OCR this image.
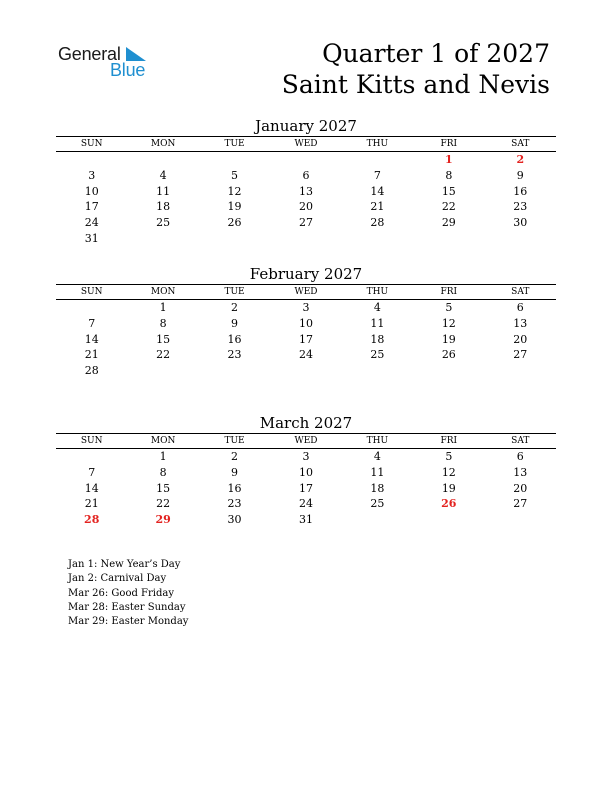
General
Blue
Quarter 1 of 2027
Saint Kitts and Nevis
January 2027
SUN	MON	TUE	WED	THU	FRI	SAT
					1	2
3	4	5	6	7	8	9
10	11	12	13	14	15	16
17	18	19	20	21	22	23
24	25	26	27	28	29	30
31						
February 2027
SUN	MON	TUE	WED	THU	FRI	SAT
	1	2	3	4	5	6
7	8	9	10	11	12	13
14	15	16	17	18	19	20
21	22	23	24	25	26	27
28						
March 2027
SUN	MON	TUE	WED	THU	FRI	SAT
	1	2	3	4	5	6
7	8	9	10	11	12	13
14	15	16	17	18	19	20
21	22	23	24	25	26	27
28	29	30	31			
Jan 1: New Year’s Day
Jan 2: Carnival Day
Mar 26: Good Friday
Mar 28: Easter Sunday
Mar 29: Easter Monday
